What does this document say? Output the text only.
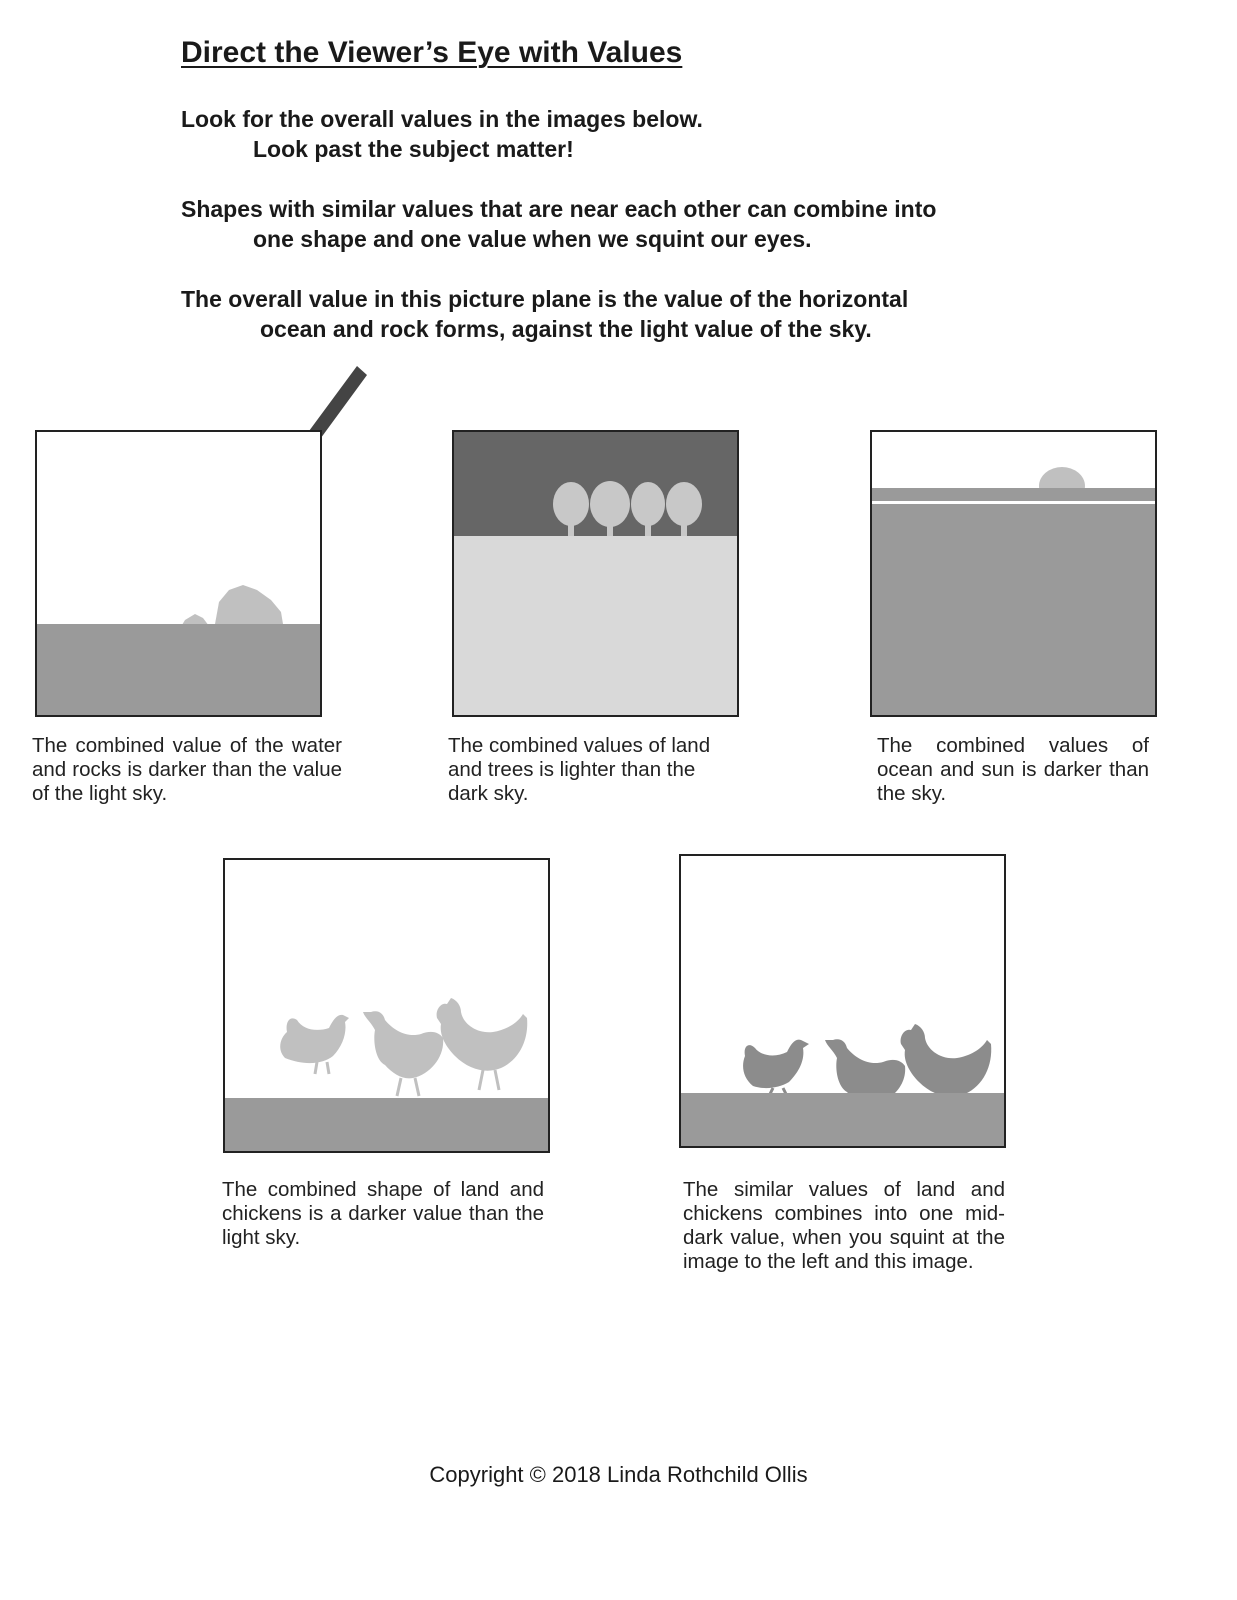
Direct the Viewer’s Eye with Values

Look for the overall values in the images below.
Look past the subject matter!

Shapes with similar values that are near each other can combine into
one shape and one value when we squint our eyes.

The overall value in this picture plane is the value of the horizontal
ocean and rock forms, against the light value of the sky.

The combined value of the water and rocks is darker than the value of the light sky.

The combined values of land and trees is lighter than the dark sky.

The combined values of ocean and sun is darker than the sky.

The combined shape of land and chickens is a darker value than the light sky.

The similar values of land and chickens combines into one mid-dark value, when you squint at the image to the left and this image.

Copyright © 2018 Linda Rothchild Ollis
